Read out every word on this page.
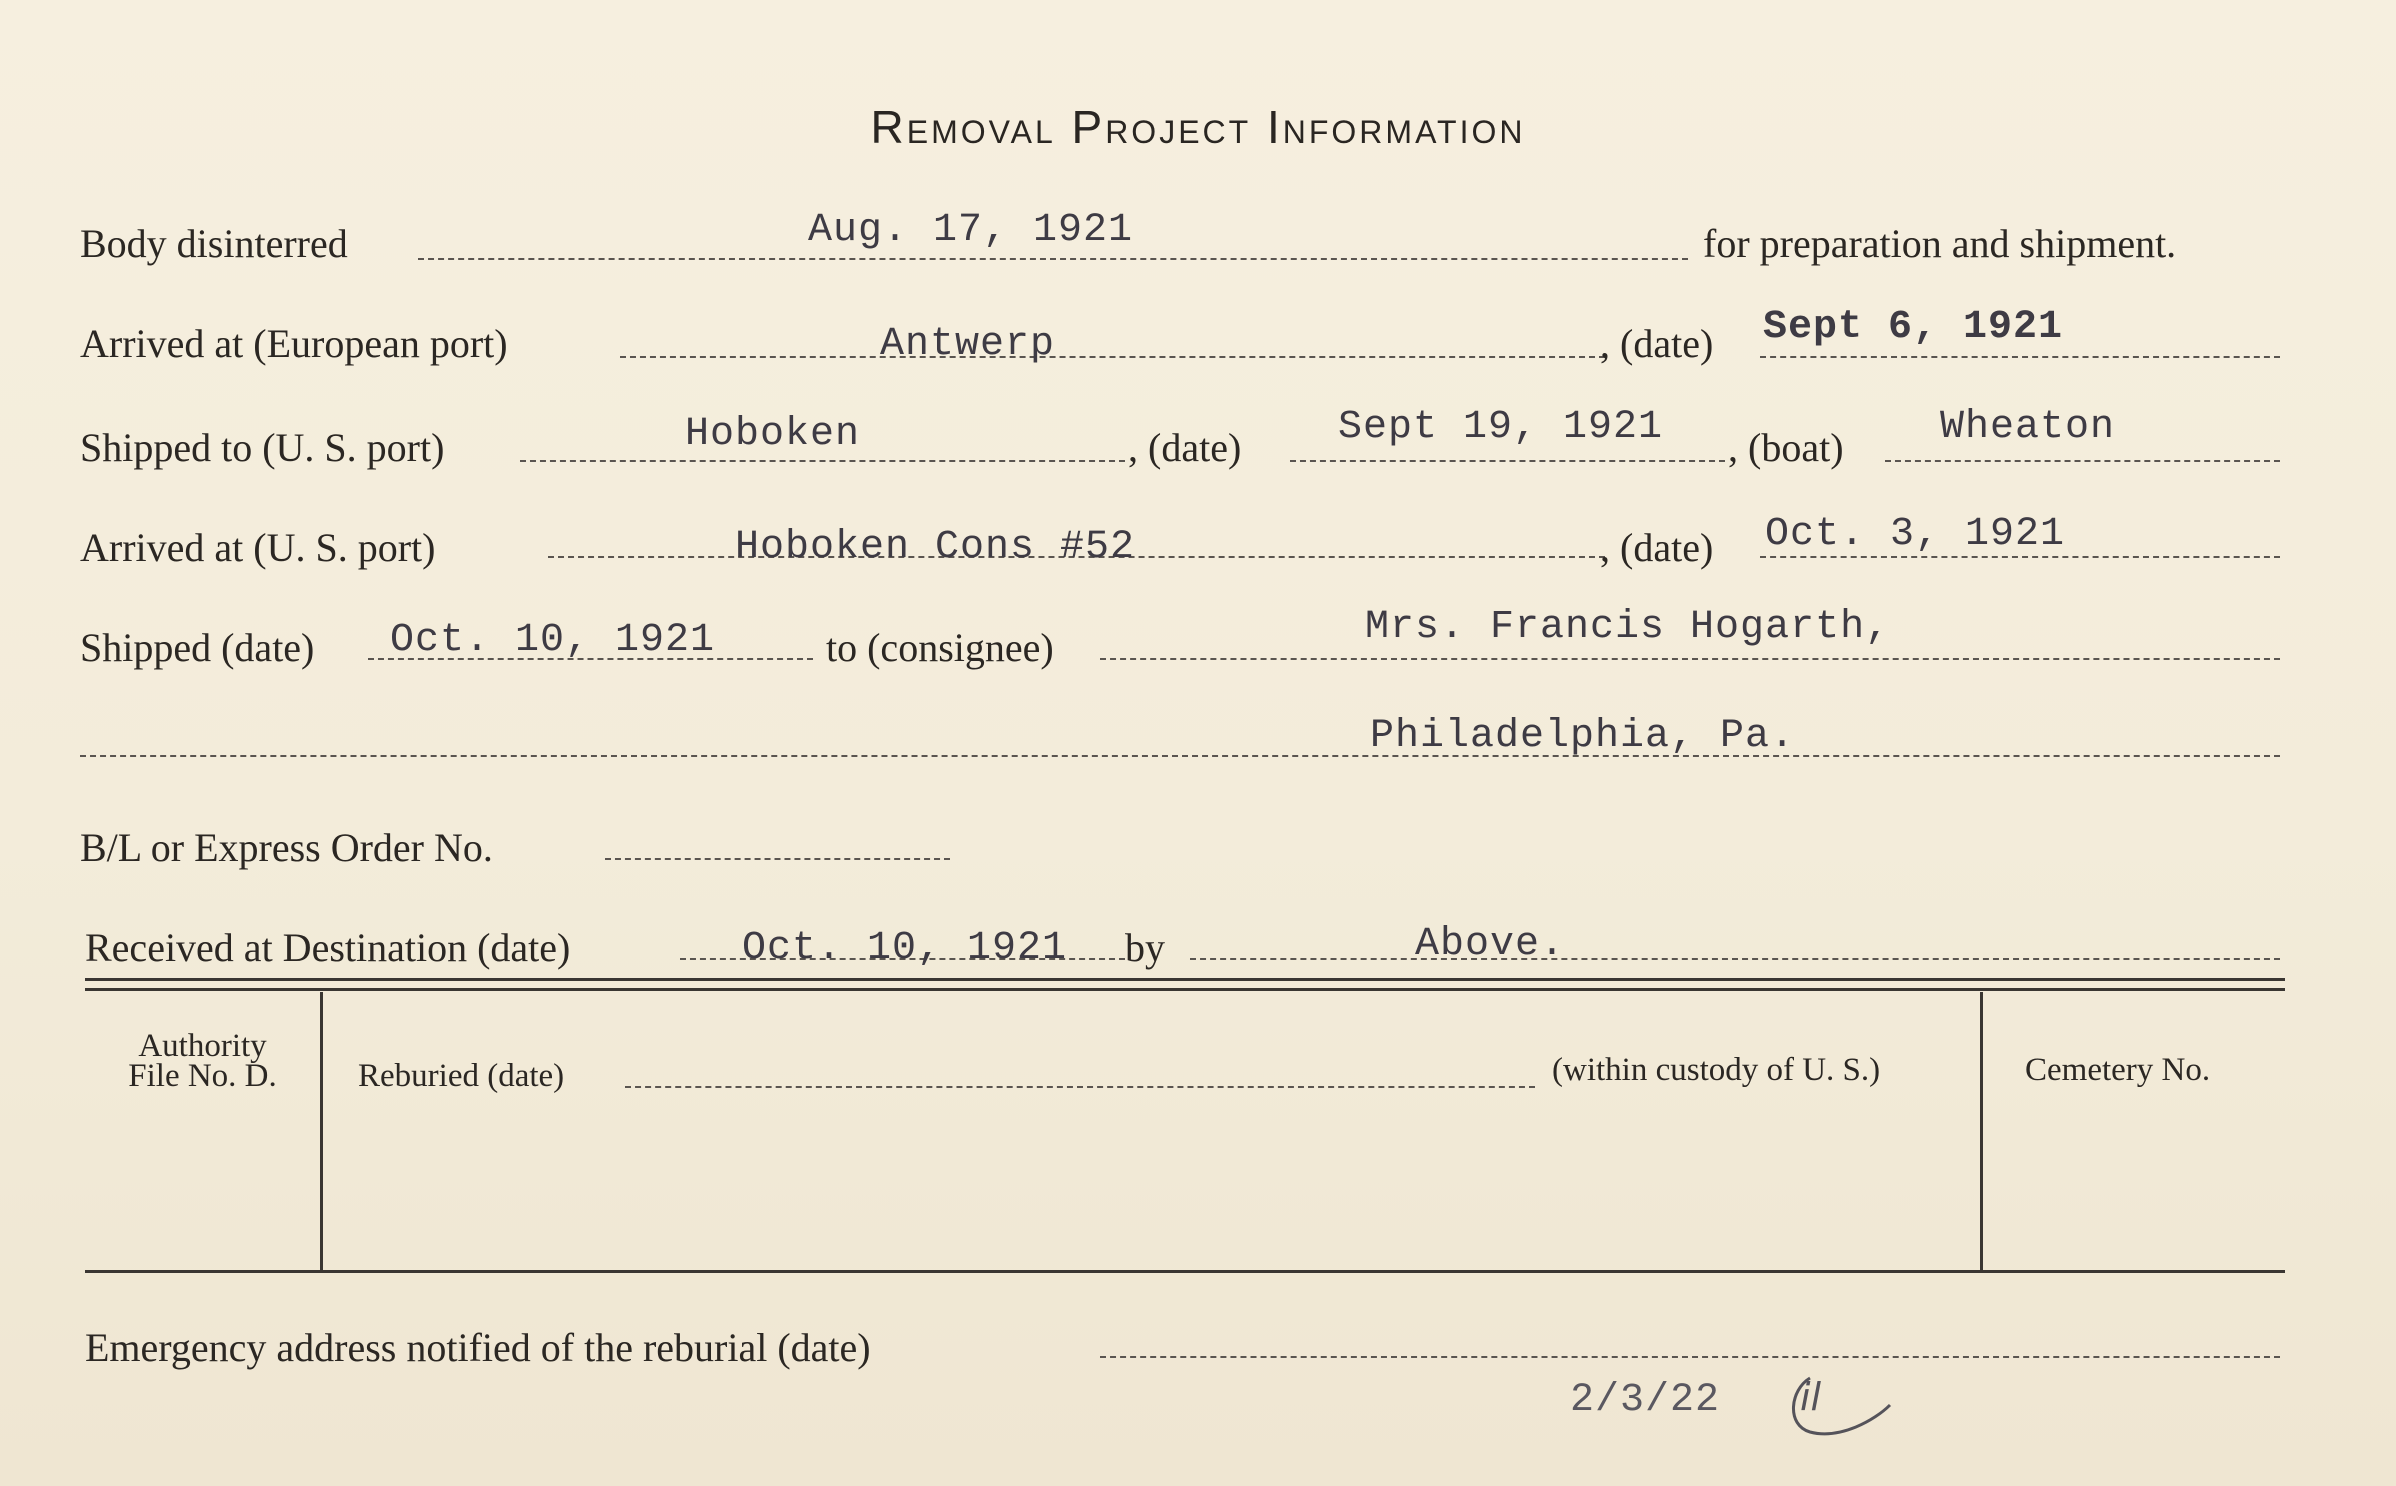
Removal Project Information
Body disinterred	Aug. 17, 1921	for preparation and shipment.
Arrived at (European port)	Antwerp	, (date) Sept 6, 1921
Shipped to (U. S. port)	Hoboken	, (date) Sept 19, 1921 , (boat) Wheaton
Arrived at (U. S. port)	Hoboken Cons #52	, (date) Oct. 3, 1921
Shipped (date) Oct. 10, 1921	to (consignee)	Mrs. Francis Hogarth,
Philadelphia, Pa.
B/L or Express Order No.
Received at Destination (date)	Oct. 10, 1921 by	Above.
Authority
File No. D.	Reburied (date)	(within custody of U. S.)	Cemetery No.
Emergency address notified of the reburial (date)
2/3/22 il
